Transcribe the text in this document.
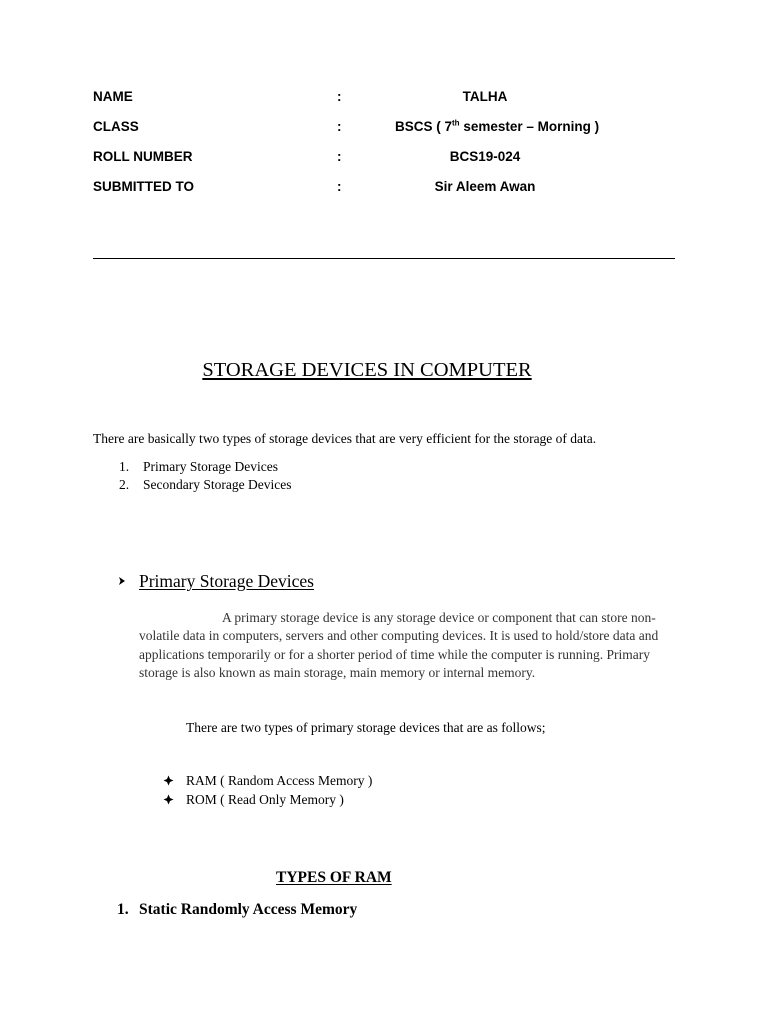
NAME	:	TALHA
CLASS	:	BSCS ( 7th semester – Morning )
ROLL NUMBER	:	BCS19-024
SUBMITTED TO	:	Sir Aleem Awan
STORAGE DEVICES IN COMPUTER
There are basically two types of storage devices that are very efficient for the storage of data.
1. Primary Storage Devices
2. Secondary Storage Devices
Primary Storage Devices
A primary storage device is any storage device or component that can store non-volatile data in computers, servers and other computing devices. It is used to hold/store data and applications temporarily or for a shorter period of time while the computer is running. Primary storage is also known as main storage, main memory or internal memory.
There are two types of primary storage devices that are as follows;
RAM ( Random Access Memory )
ROM ( Read Only Memory )
TYPES OF RAM
1. Static Randomly Access Memory
